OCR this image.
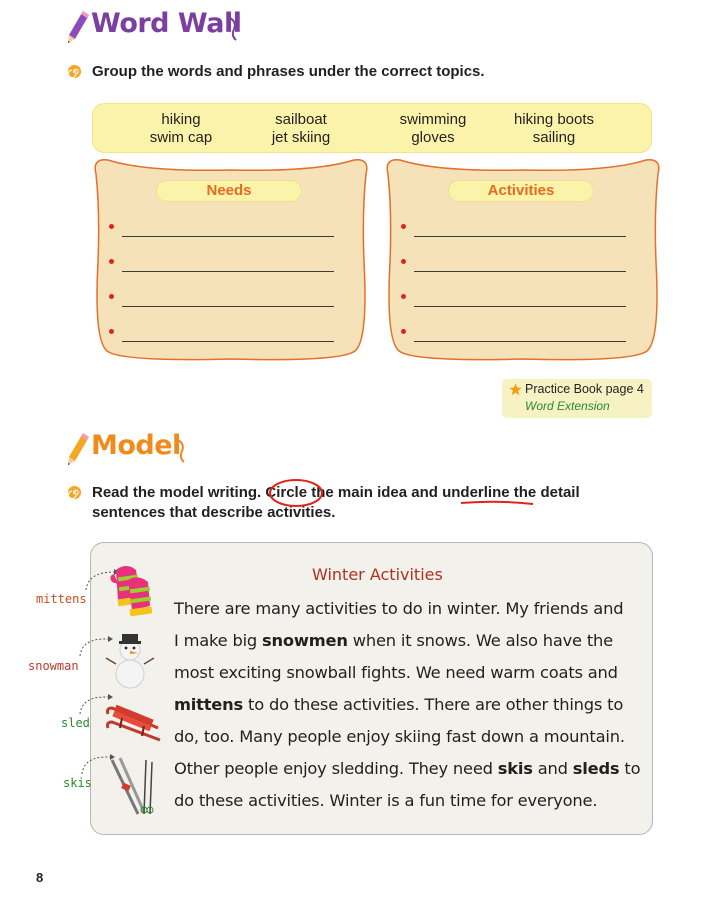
Word Wall
Group the words and phrases under the correct topics.
hiking
swim cap
sailboat
jet skiing
swimming
gloves
hiking boots
sailing
Needs	Activities
Practice Book page 4
Word Extension
Model
Read the model writing. Circle the main idea and underline the detail
sentences that describe activities.
Winter Activities
There are many activities to do in winter. My friends and
I make big snowmen when it snows. We also have the
most exciting snowball fights. We need warm coats and
mittens to do these activities. There are other things to
do, too. Many people enjoy skiing fast down a mountain.
Other people enjoy sledding. They need skis and sleds to
do these activities. Winter is a fun time for everyone.
mittens
snowman
sled
skis
8
